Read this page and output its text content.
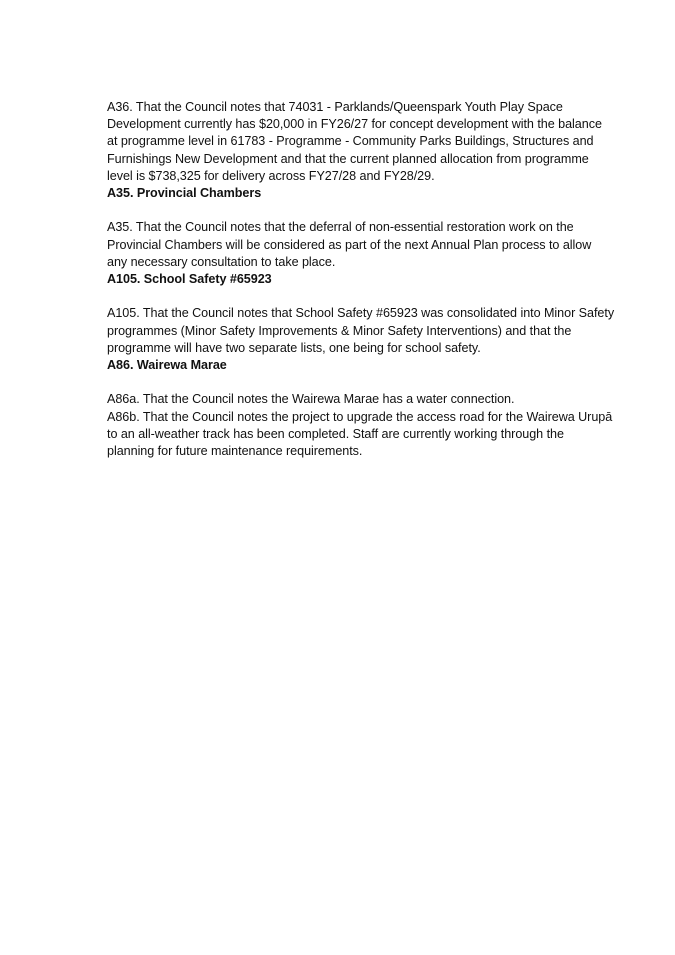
A36. That the Council notes that 74031 - Parklands/Queenspark Youth Play Space
Development currently has $20,000 in FY26/27 for concept development with the balance
at programme level in 61783 - Programme - Community Parks Buildings, Structures and
Furnishings New Development and that the current planned allocation from programme
level is $738,325 for delivery across FY27/28 and FY28/29.

A35. Provincial Chambers

A35. That the Council notes that the deferral of non-essential restoration work on the
Provincial Chambers will be considered as part of the next Annual Plan process to allow
any necessary consultation to take place.

A105. School Safety #65923

A105. That the Council notes that School Safety #65923 was consolidated into Minor Safety
programmes (Minor Safety Improvements & Minor Safety Interventions) and that the
programme will have two separate lists, one being for school safety.

A86. Wairewa Marae

A86a. That the Council notes the Wairewa Marae has a water connection.

A86b. That the Council notes the project to upgrade the access road for the Wairewa Urupā
to an all-weather track has been completed. Staff are currently working through the
planning for future maintenance requirements.
